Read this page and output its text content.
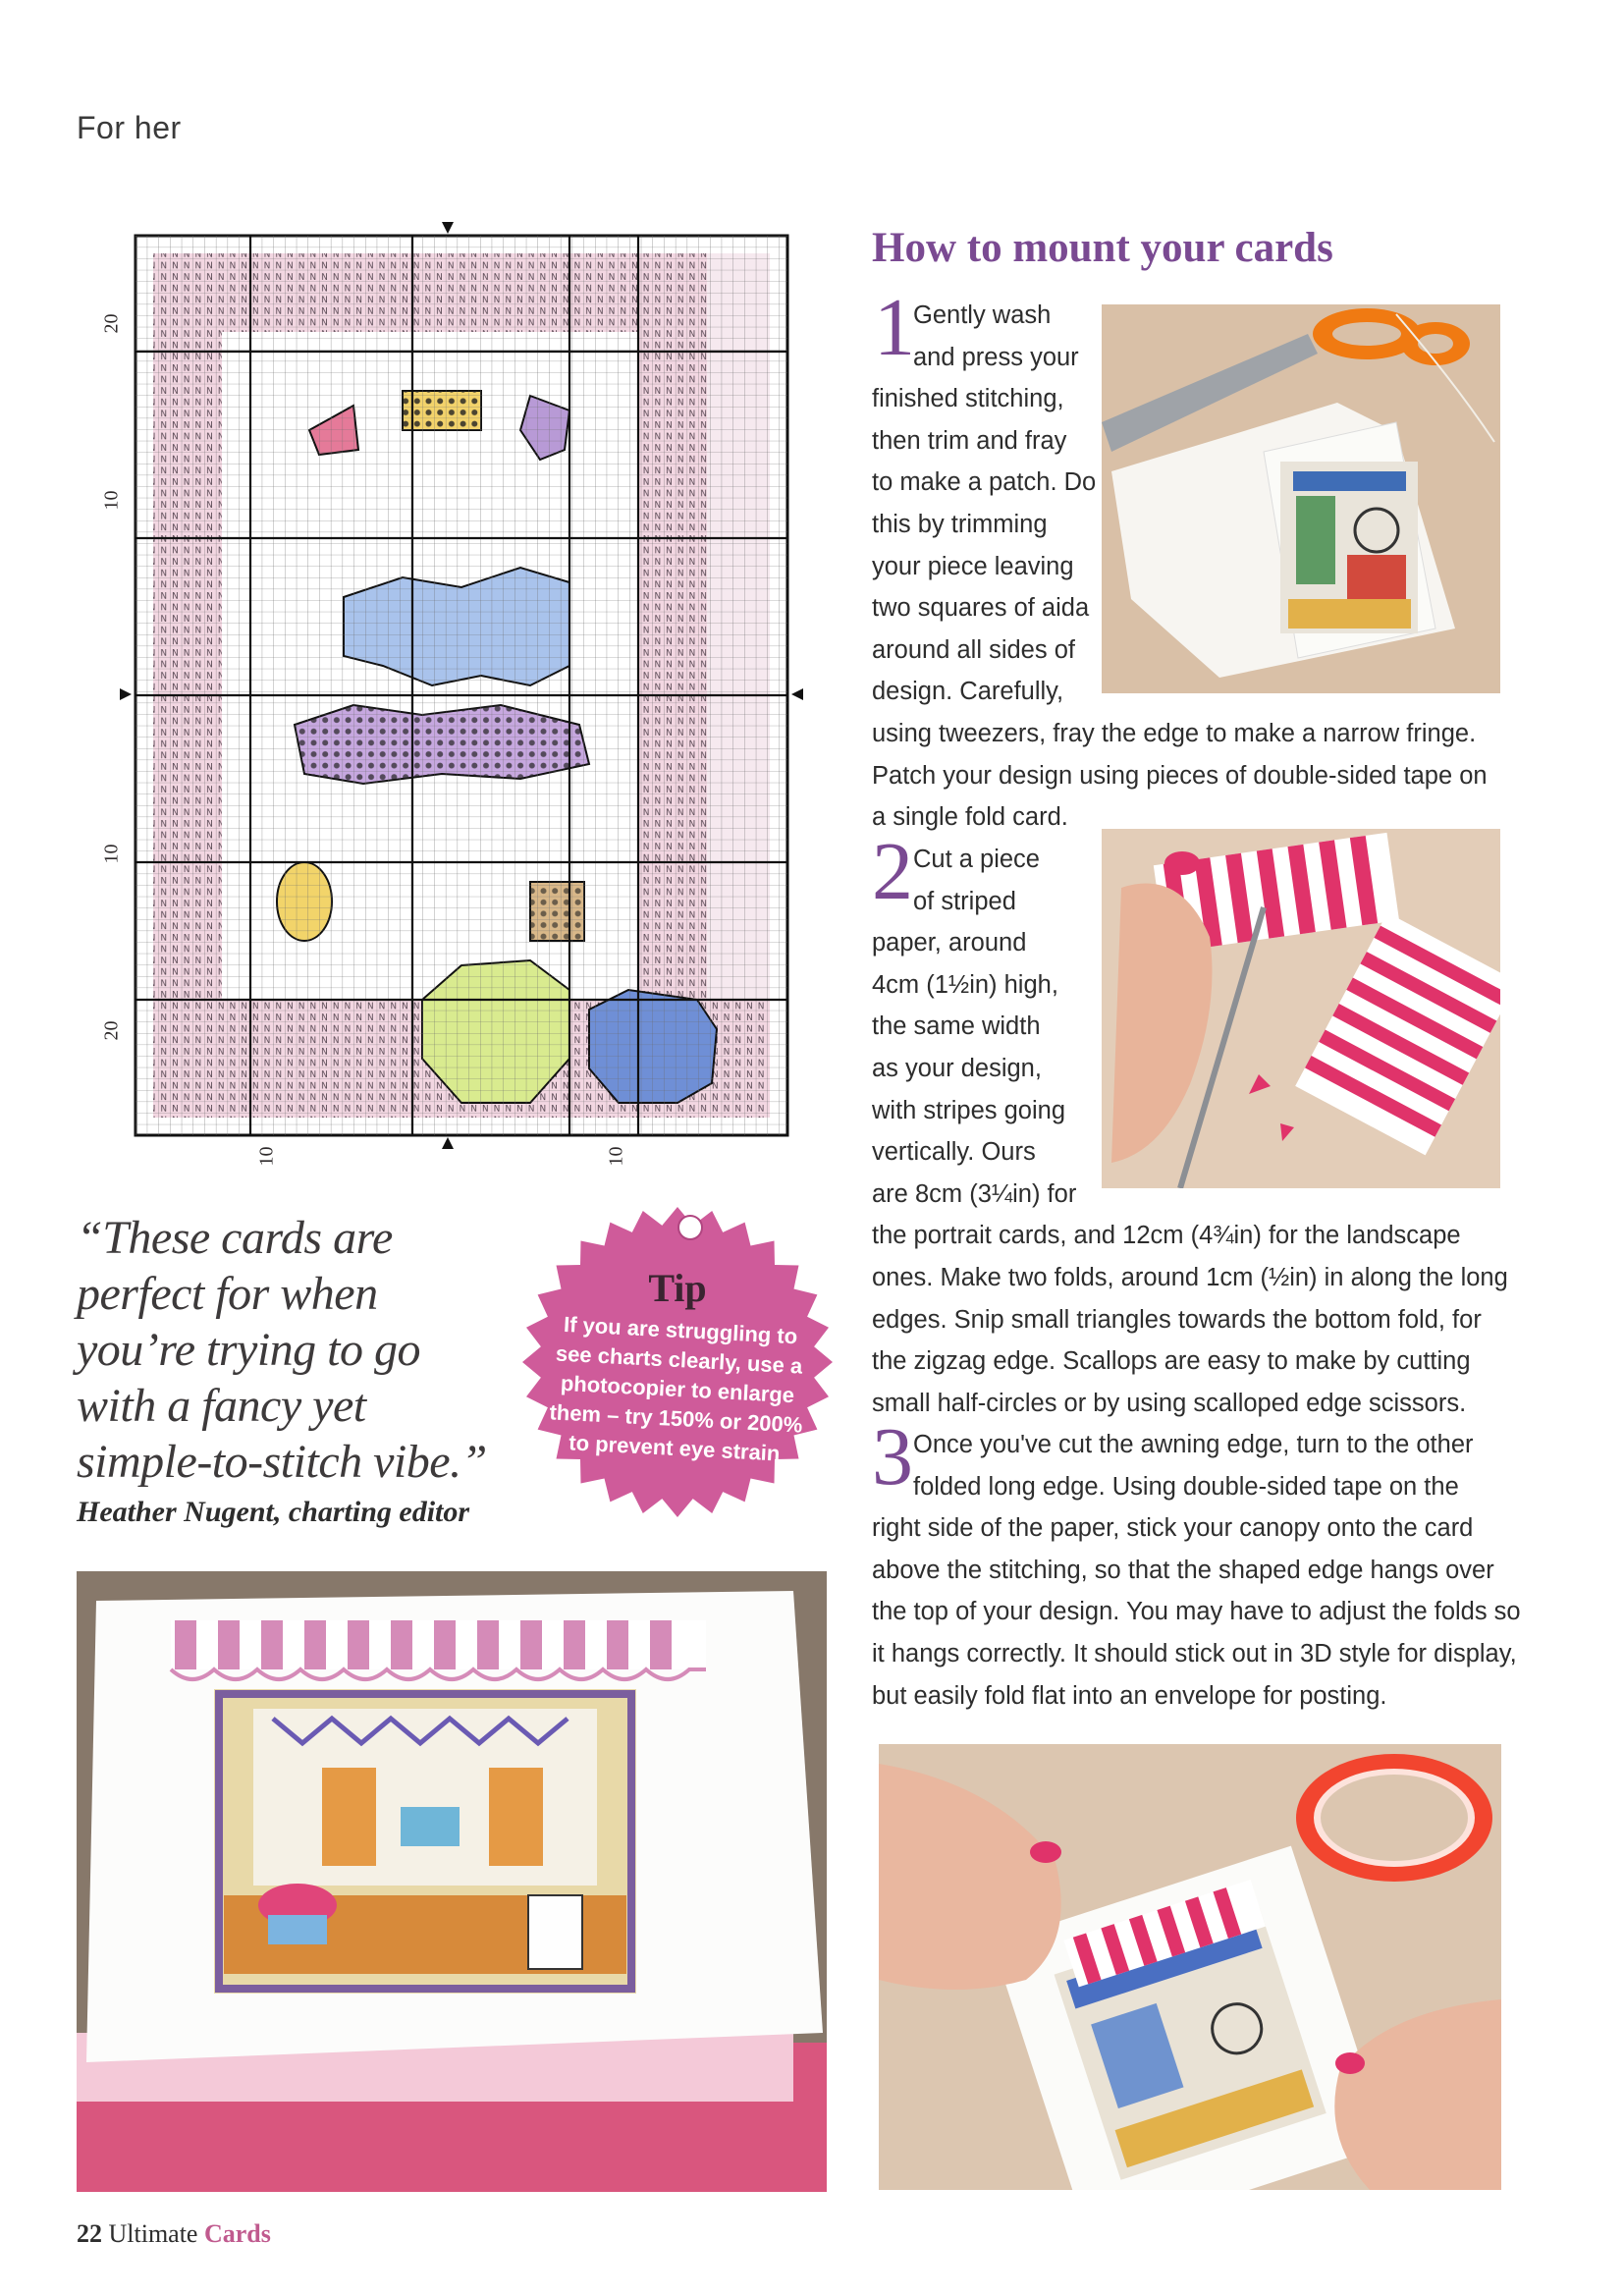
For her
20
10
10
20
10	10
How to mount your cards
1
Gently wash
and press your
finished stitching,
then trim and fray
to make a patch. Do
this by trimming
your piece leaving
two squares of aida
around all sides of
design. Carefully,
using tweezers, fray the edge to make a narrow fringe.
Patch your design using pieces of double-sided tape on
a single fold card.
2 Cut a piece
of striped
paper, around
4cm (1½in) high,
the same width
as your design,
with stripes going
vertically. Ours
are 8cm (3¼in) for
the portrait cards, and 12cm (4¾in) for the landscape
ones. Make two folds, around 1cm (½in) in along the long
edges. Snip small triangles towards the bottom fold, for
the zigzag edge. Scallops are easy to make by cutting
small half-circles or by using scalloped edge scissors.
3 Once you've cut the awning edge, turn to the other
folded long edge. Using double-sided tape on the
right side of the paper, stick your canopy onto the card
above the stitching, so that the shaped edge hangs over
the top of your design. You may have to adjust the folds so
it hangs correctly. It should stick out in 3D style for display,
but easily fold flat into an envelope for posting.
“These cards are
perfect for when
you’re trying to go
with a fancy yet
simple-to-stitch vibe.”
Heather Nugent, charting editor
Tip
If you are struggling to see charts clearly, use a photocopier to enlarge them – try 150% or 200% to prevent eye strain
22 Ultimate Cards
